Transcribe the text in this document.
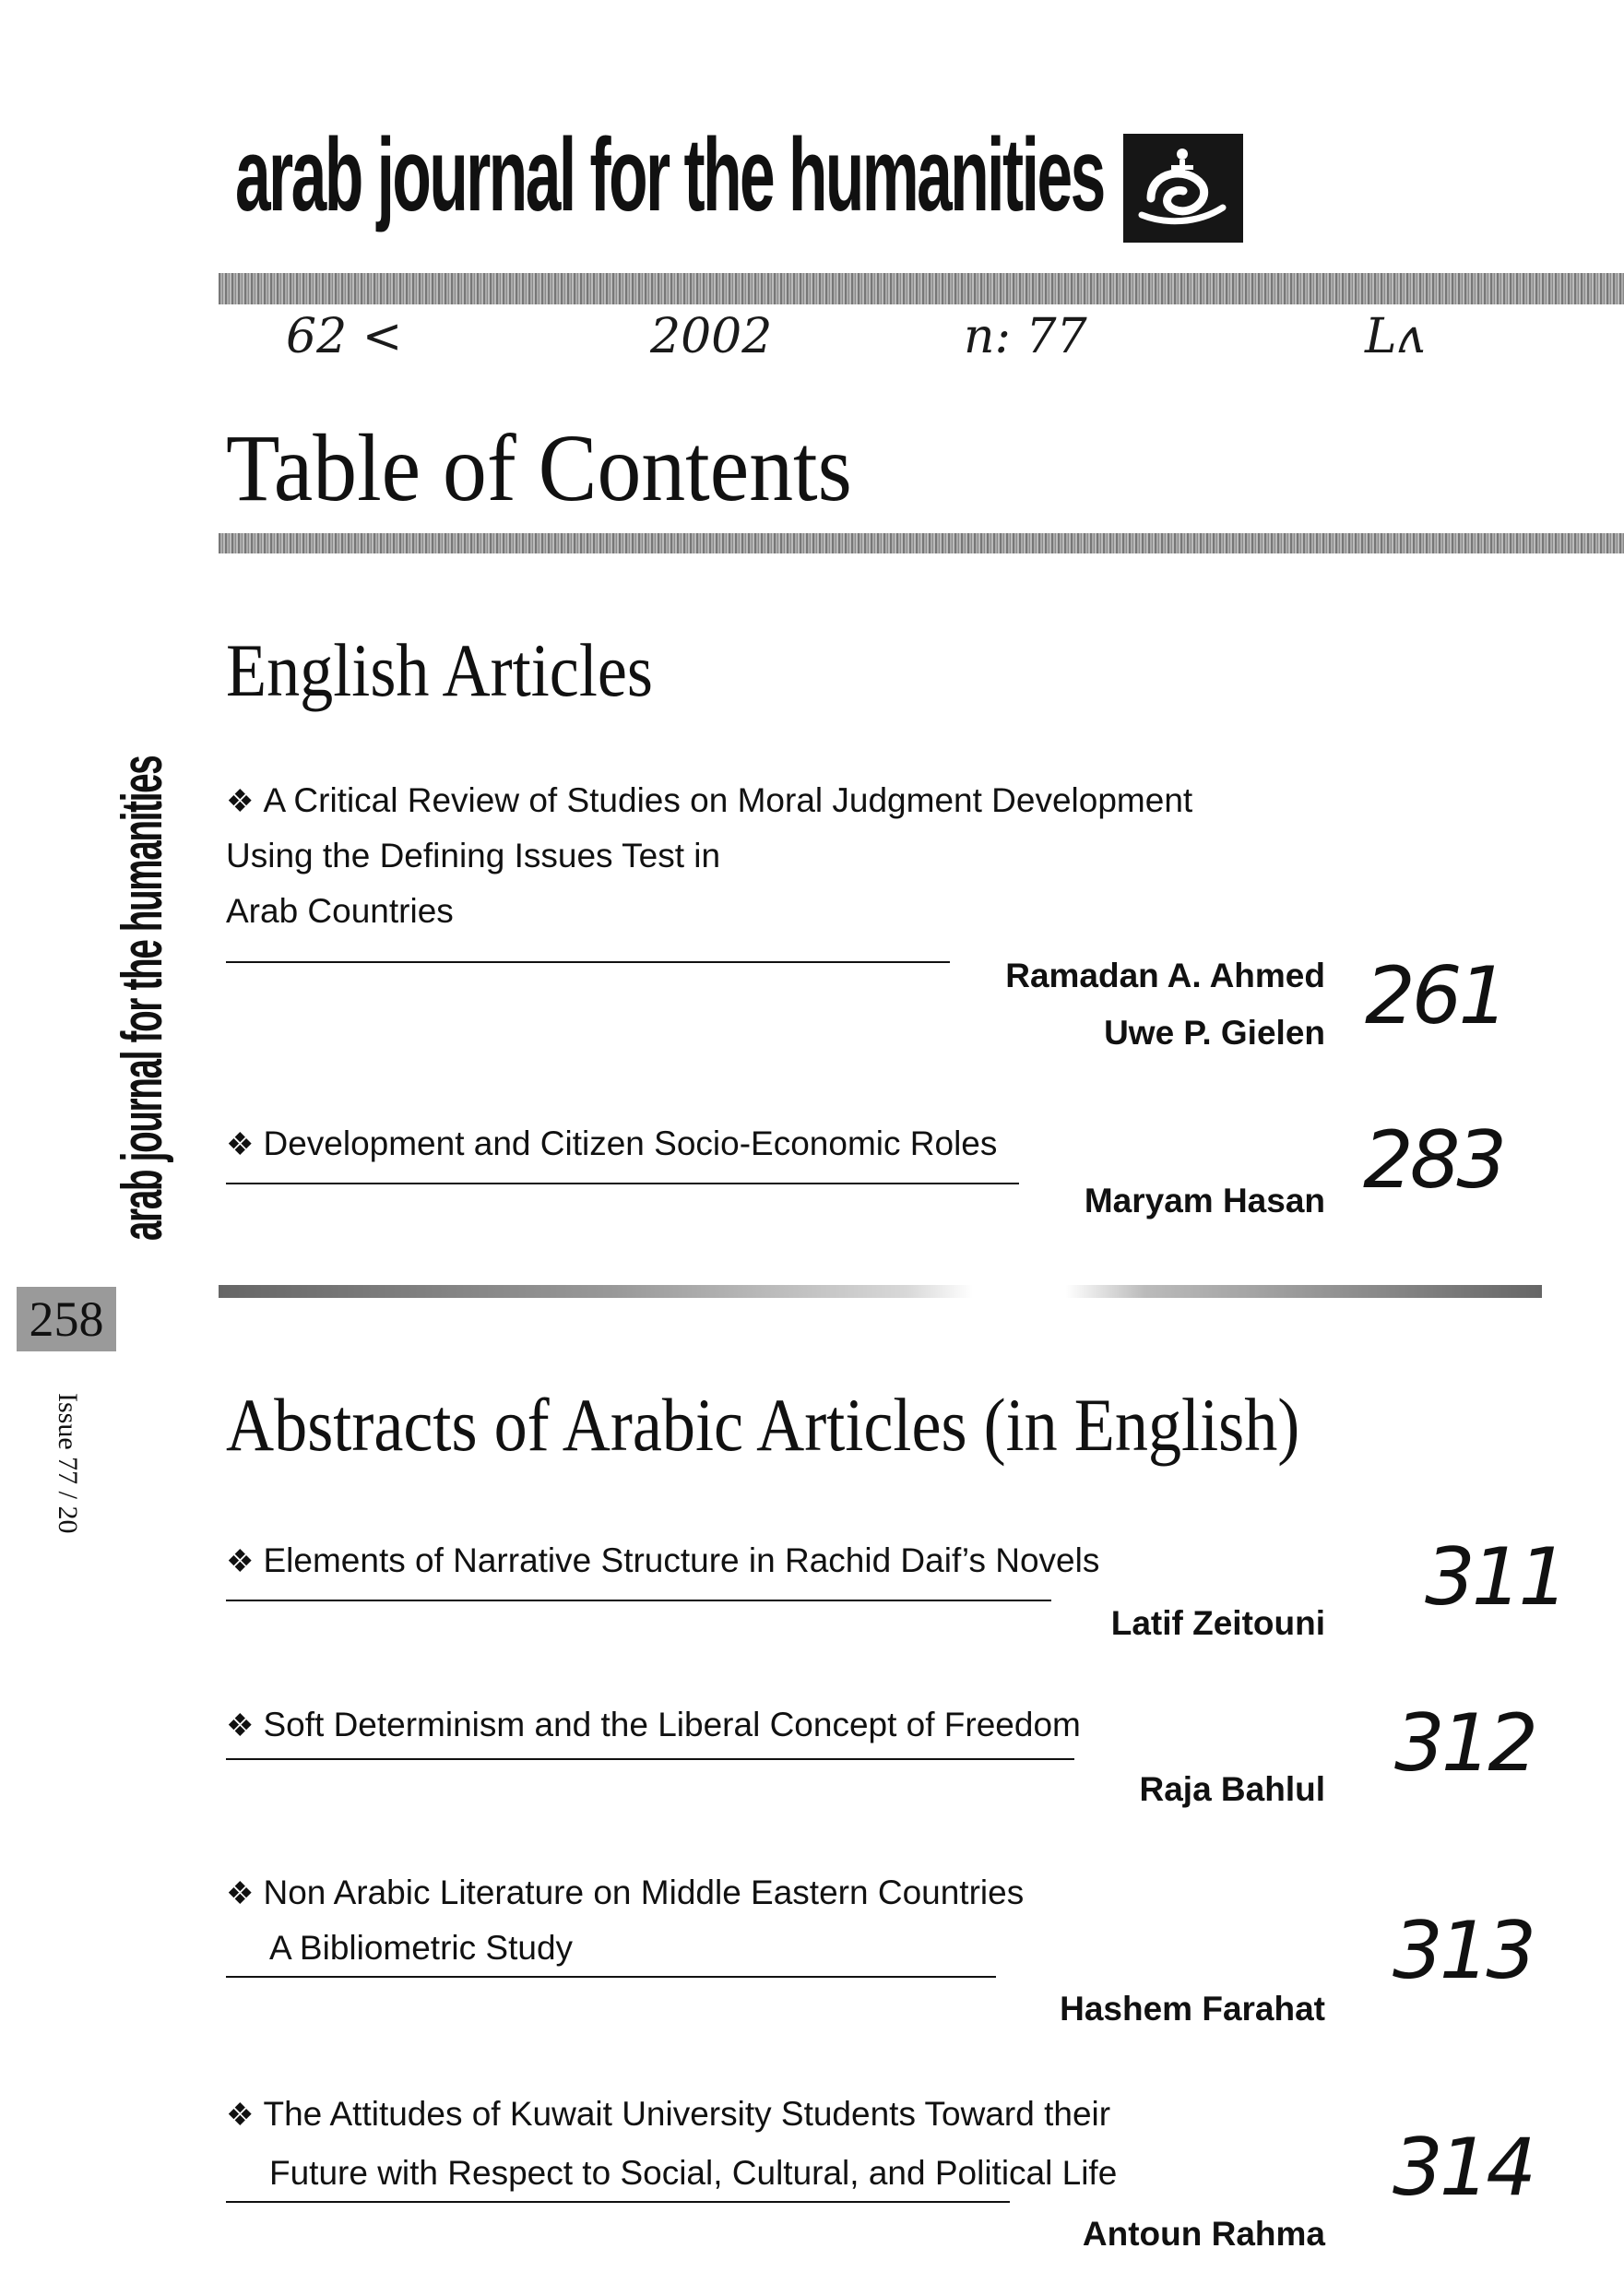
arab journal for the humanities
62 <	2002	n: 77	Lʌ
Table of Contents
English Articles
❖ A Critical Review of Studies on Moral Judgment Development
Using the Defining Issues Test in
Arab Countries
Ramadan A. Ahmed
Uwe P. Gielen 261
❖ Development and Citizen Socio-Economic Roles
Maryam Hasan 283
Abstracts of Arabic Articles (in English)
❖ Elements of Narrative Structure in Rachid Daif’s Novels
Latif Zeitouni 311
❖ Soft Determinism and the Liberal Concept of Freedom
Raja Bahlul 312
❖ Non Arabic Literature on Middle Eastern Countries
A Bibliometric Study
Hashem Farahat
313
❖ The Attitudes of Kuwait University Students Toward their
Future with Respect to Social, Cultural, and Political Life
Antoun Rahma
314
arab journal for the humanities
258
Issue 77 / 20
